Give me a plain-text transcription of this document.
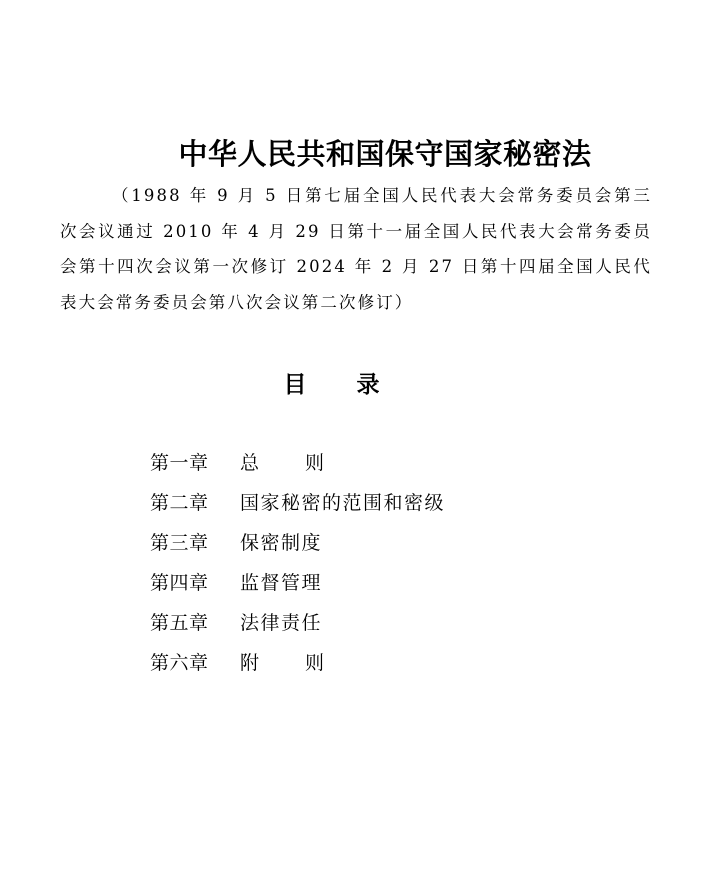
中华人民共和国保守国家秘密法
（1988 年 9 月 5 日第七届全国人民代表大会常务委员会第三次会议通过 2010 年 4 月 29 日第十一届全国人民代表大会常务委员会第十四次会议第一次修订 2024 年 2 月 27 日第十四届全国人民代表大会常务委员会第八次会议第二次修订）
目录
第一章 总 则
第二章 国家秘密的范围和密级
第三章 保密制度
第四章 监督管理
第五章 法律责任
第六章 附 则
